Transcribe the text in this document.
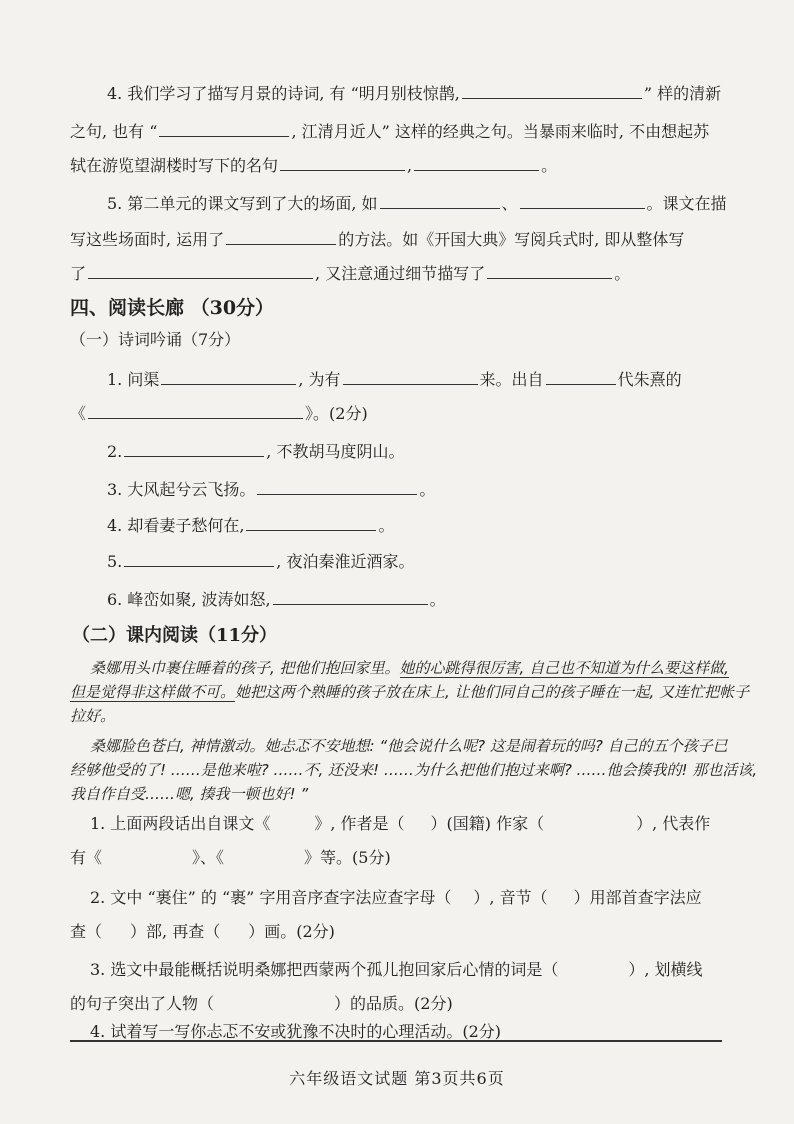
4. 我们学习了描写月景的诗词, 有 “明月别枝惊鹊,	” 样的清新
之句, 也有 “	, 江清月近人” 这样的经典之句。当暴雨来临时, 不由想起苏
轼在游览望湖楼时写下的名句	,	。
5. 第二单元的课文写到了大的场面, 如	、	。课文在描
写这些场面时, 运用了	的方法。如《开国大典》写阅兵式时, 即从整体写
了	, 又注意通过细节描写了	。
四、阅读长廊 （30分）
（一）诗词吟诵（7分）
1. 问渠	, 为有	来。出自	代朱熹的
《	》。(2分)
2.	, 不教胡马度阴山。
3. 大风起兮云飞扬。	。
4. 却看妻子愁何在,	。
5.	, 夜泊秦淮近酒家。
6. 峰峦如聚, 波涛如怒,	。
（二）课内阅读（11分）
桑娜用头巾裹住睡着的孩子, 把他们抱回家里。她的心跳得很厉害, 自己也不知道为什么要这样做,
但是觉得非这样做不可。她把这两个熟睡的孩子放在床上, 让他们同自己的孩子睡在一起, 又连忙把帐子
拉好。
桑娜脸色苍白, 神情激动。她忐忑不安地想: “他会说什么呢? 这是闹着玩的吗? 自己的五个孩子已
经够他受的了! ……是他来啦? ……不, 还没来! ……为什么把他们抱过来啊? ……他会揍我的! 那也活该,
我自作自受……嗯, 揍我一顿也好! ”
1. 上面两段话出自课文《	》, 作者是（ ）(国籍) 作家（	）, 代表作
有《	》、《	》等。(5分)
2. 文中 “裹住” 的 “裹” 字用音序查字法应查字母（ ）, 音节（ ）用部首查字法应
查（ ）部, 再查（ ）画。(2分)
3. 选文中最能概括说明桑娜把西蒙两个孤儿抱回家后心情的词是（	）, 划横线
的句子突出了人物（	）的品质。(2分)
4. 试着写一写你忐忑不安或犹豫不决时的心理活动。(2分)
六年级语文试题 第3页共6页
